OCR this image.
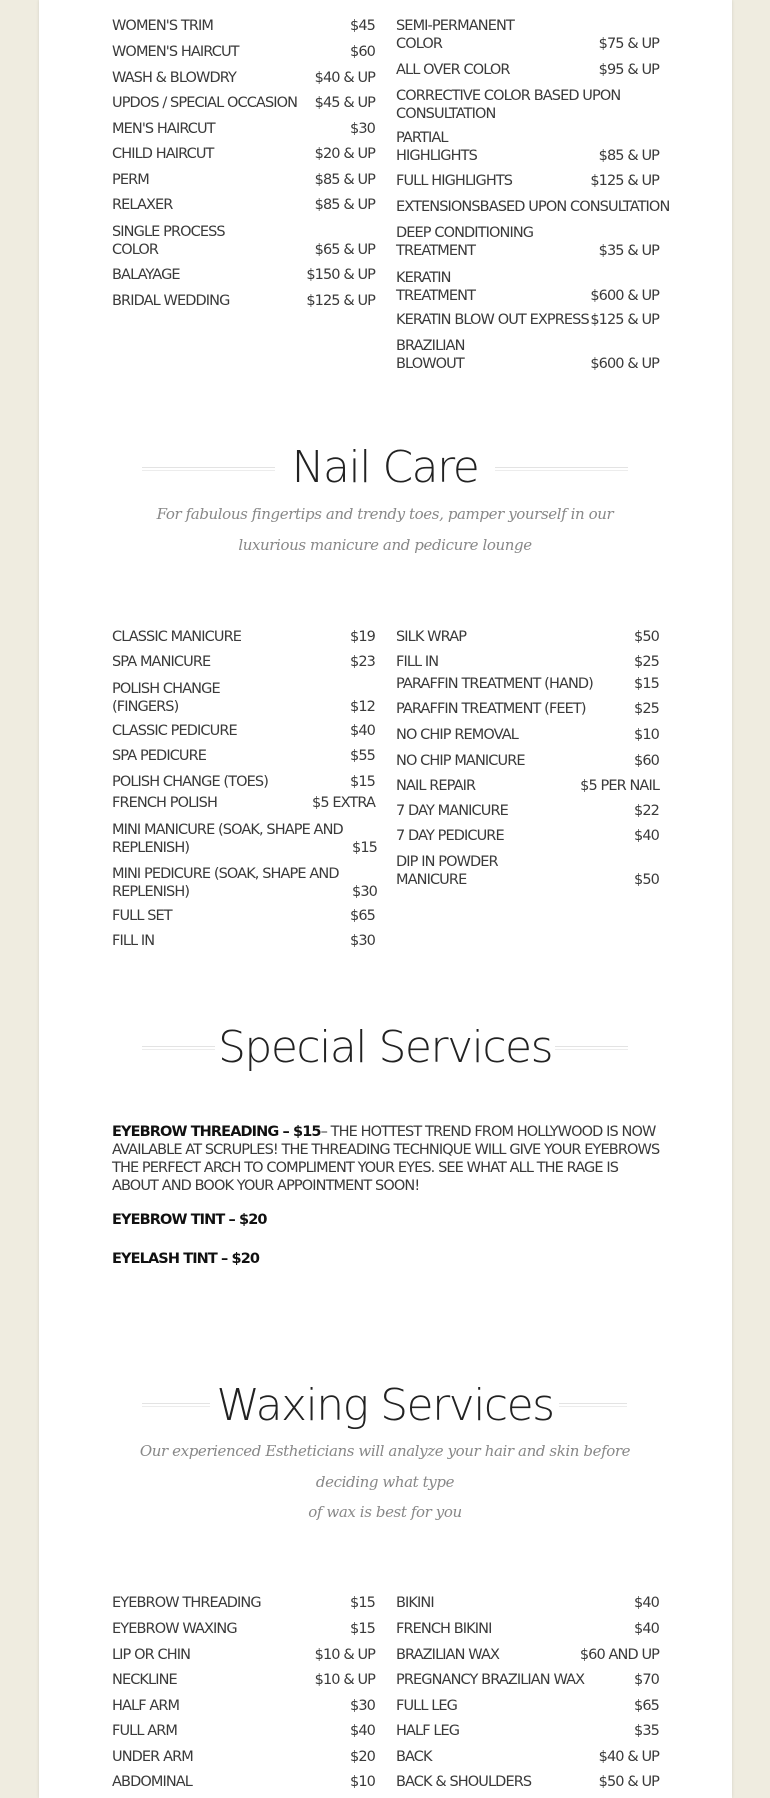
WOMEN'S TRIM	$45
WOMEN'S HAIRCUT	$60
WASH & BLOWDRY	$40 & UP
UPDOS / SPECIAL OCCASION	$45 & UP
MEN'S HAIRCUT	$30
CHILD HAIRCUT	$20 & UP
PERM	$85 & UP
RELAXER	$85 & UP
SINGLE PROCESS COLOR	$65 & UP
BALAYAGE	$150 & UP
BRIDAL WEDDING	$125 & UP
SEMI-PERMANENT COLOR	$75 & UP
ALL OVER COLOR	$95 & UP
CORRECTIVE COLOR BASED UPON CONSULTATION
PARTIAL HIGHLIGHTS	$85 & UP
FULL HIGHLIGHTS	$125 & UP
EXTENSIONS BASED UPON CONSULTATION
DEEP CONDITIONING TREATMENT	$35 & UP
KERATIN TREATMENT	$600 & UP
KERATIN BLOW OUT EXPRESS $125 & UP
BRAZILIAN BLOWOUT	$600 & UP
Nail Care
For fabulous fingertips and trendy toes, pamper yourself in our luxurious manicure and pedicure lounge
CLASSIC MANICURE	$19
SPA MANICURE	$23
POLISH CHANGE (FINGERS)	$12
CLASSIC PEDICURE	$40
SPA PEDICURE	$55
POLISH CHANGE (TOES)	$15
FRENCH POLISH	$5 EXTRA
MINI MANICURE (SOAK, SHAPE AND REPLENISH)	$15
MINI PEDICURE (SOAK, SHAPE AND REPLENISH)	$30
FULL SET	$65
FILL IN	$30
SILK WRAP	$50
FILL IN	$25
PARAFFIN TREATMENT (HAND)	$15
PARAFFIN TREATMENT (FEET)	$25
NO CHIP REMOVAL	$10
NO CHIP MANICURE	$60
NAIL REPAIR	$5 PER NAIL
7 DAY MANICURE	$22
7 DAY PEDICURE	$40
DIP IN POWDER MANICURE	$50
Special Services
EYEBROW THREADING – $15– THE HOTTEST TREND FROM HOLLYWOOD IS NOW AVAILABLE AT SCRUPLES! THE THREADING TECHNIQUE WILL GIVE YOUR EYEBROWS THE PERFECT ARCH TO COMPLIMENT YOUR EYES. SEE WHAT ALL THE RAGE IS ABOUT AND BOOK YOUR APPOINTMENT SOON!
EYEBROW TINT – $20
EYELASH TINT – $20
Waxing Services
Our experienced Estheticians will analyze your hair and skin before deciding what type
of wax is best for you
EYEBROW THREADING	$15
EYEBROW WAXING	$15
LIP OR CHIN	$10 & UP
NECKLINE	$10 & UP
HALF ARM	$30
FULL ARM	$40
UNDER ARM	$20
ABDOMINAL	$10
BIKINI	$40
FRENCH BIKINI	$40
BRAZILIAN WAX	$60 AND UP
PREGNANCY BRAZILIAN WAX	$70
FULL LEG	$65
HALF LEG	$35
BACK	$40 & UP
BACK & SHOULDERS	$50 & UP
